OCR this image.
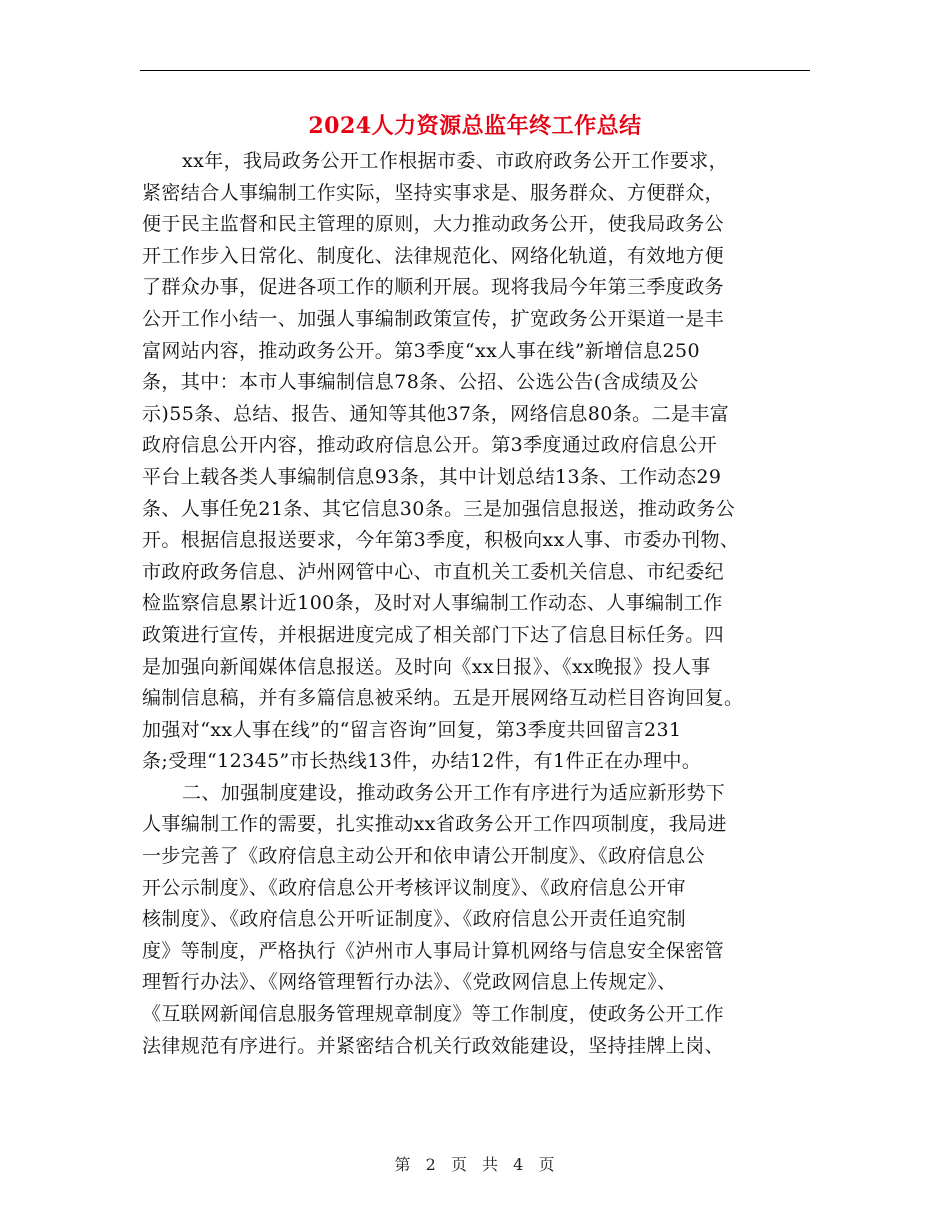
2024人力资源总监年终工作总结
xx年，我局政务公开工作根据市委、市政府政务公开工作要求，
紧密结合人事编制工作实际，坚持实事求是、服务群众、方便群众，
便于民主监督和民主管理的原则，大力推动政务公开，使我局政务公
开工作步入日常化、制度化、法律规范化、网络化轨道，有效地方便
了群众办事，促进各项工作的顺利开展。现将我局今年第三季度政务
公开工作小结一、加强人事编制政策宣传，扩宽政务公开渠道一是丰
富网站内容，推动政务公开。第3季度“xx人事在线”新增信息250
条，其中：本市人事编制信息78条、公招、公选公告(含成绩及公
示)55条、总结、报告、通知等其他37条，网络信息80条。二是丰富
政府信息公开内容，推动政府信息公开。第3季度通过政府信息公开
平台上载各类人事编制信息93条，其中计划总结13条、工作动态29
条、人事任免21条、其它信息30条。三是加强信息报送，推动政务公
开。根据信息报送要求，今年第3季度，积极向xx人事、市委办刊物、
市政府政务信息、泸州网管中心、市直机关工委机关信息、市纪委纪
检监察信息累计近100条，及时对人事编制工作动态、人事编制工作
政策进行宣传，并根据进度完成了相关部门下达了信息目标任务。四
是加强向新闻媒体信息报送。及时向《xx日报》、《xx晚报》投人事
编制信息稿，并有多篇信息被采纳。五是开展网络互动栏目咨询回复。
加强对“xx人事在线”的“留言咨询”回复，第3季度共回留言231
条;受理“12345”市长热线13件，办结12件，有1件正在办理中。
二、加强制度建设，推动政务公开工作有序进行为适应新形势下
人事编制工作的需要，扎实推动xx省政务公开工作四项制度，我局进
一步完善了《政府信息主动公开和依申请公开制度》、《政府信息公
开公示制度》、《政府信息公开考核评议制度》、《政府信息公开审
核制度》、《政府信息公开听证制度》、《政府信息公开责任追究制
度》等制度，严格执行《泸州市人事局计算机网络与信息安全保密管
理暂行办法》、《网络管理暂行办法》、《党政网信息上传规定》、
《互联网新闻信息服务管理规章制度》等工作制度，使政务公开工作
法律规范有序进行。并紧密结合机关行政效能建设，坚持挂牌上岗、
第 2 页 共 4 页
